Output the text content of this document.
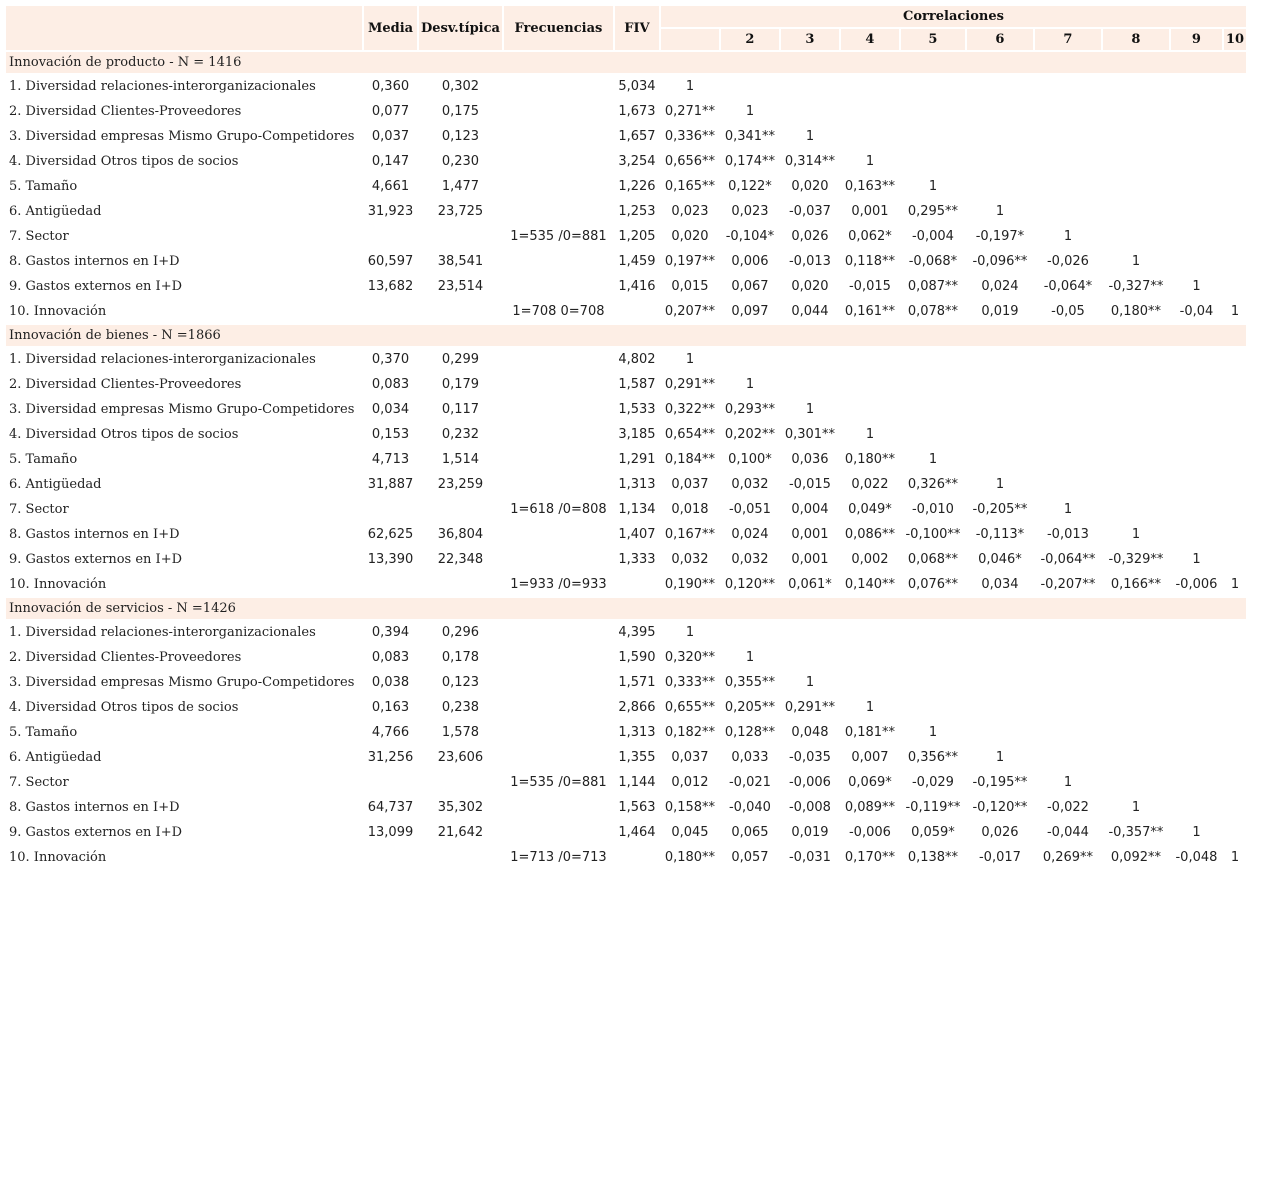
	Media	Desv.típica	Frecuencias	FIV	Correlaciones									
						2	3	4	5	6	7	8	9	10
Innovación de producto - N = 1416														
1. Diversidad relaciones-interorganizacionales	0,360	0,302		5,034	1									
2. Diversidad Clientes-Proveedores	0,077	0,175		1,673	0,271**	1								
3. Diversidad empresas Mismo Grupo-Competidores	0,037	0,123		1,657	0,336**	0,341**	1							
4. Diversidad Otros tipos de socios	0,147	0,230		3,254	0,656**	0,174**	0,314**	1						
5. Tamaño	4,661	1,477		1,226	0,165**	0,122*	0,020	0,163**	1					
6. Antigüedad	31,923	23,725		1,253	0,023	0,023	-0,037	0,001	0,295**	1				
7. Sector			1=535 /0=881	1,205	0,020	-0,104*	0,026	0,062*	-0,004	-0,197*	1			
8. Gastos internos en I+D	60,597	38,541		1,459	0,197**	0,006	-0,013	0,118**	-0,068*	-0,096**	-0,026	1		
9. Gastos externos en I+D	13,682	23,514		1,416	0,015	0,067	0,020	-0,015	0,087**	0,024	-0,064*	-0,327**	1	
10. Innovación			1=708 0=708		0,207**	0,097	0,044	0,161**	0,078**	0,019	-0,05	0,180**	-0,04	1
Innovación de bienes - N =1866														
1. Diversidad relaciones-interorganizacionales	0,370	0,299		4,802	1									
2. Diversidad Clientes-Proveedores	0,083	0,179		1,587	0,291**	1								
3. Diversidad empresas Mismo Grupo-Competidores	0,034	0,117		1,533	0,322**	0,293**	1							
4. Diversidad Otros tipos de socios	0,153	0,232		3,185	0,654**	0,202**	0,301**	1						
5. Tamaño	4,713	1,514		1,291	0,184**	0,100*	0,036	0,180**	1					
6. Antigüedad	31,887	23,259		1,313	0,037	0,032	-0,015	0,022	0,326**	1				
7. Sector			1=618 /0=808	1,134	0,018	-0,051	0,004	0,049*	-0,010	-0,205**	1			
8. Gastos internos en I+D	62,625	36,804		1,407	0,167**	0,024	0,001	0,086**	-0,100**	-0,113*	-0,013	1		
9. Gastos externos en I+D	13,390	22,348		1,333	0,032	0,032	0,001	0,002	0,068**	0,046*	-0,064**	-0,329**	1	
10. Innovación			1=933 /0=933		0,190**	0,120**	0,061*	0,140**	0,076**	0,034	-0,207**	0,166**	-0,006	1
Innovación de servicios - N =1426														
1. Diversidad relaciones-interorganizacionales	0,394	0,296		4,395	1									
2. Diversidad Clientes-Proveedores	0,083	0,178		1,590	0,320**	1								
3. Diversidad empresas Mismo Grupo-Competidores	0,038	0,123		1,571	0,333**	0,355**	1							
4. Diversidad Otros tipos de socios	0,163	0,238		2,866	0,655**	0,205**	0,291**	1						
5. Tamaño	4,766	1,578		1,313	0,182**	0,128**	0,048	0,181**	1					
6. Antigüedad	31,256	23,606		1,355	0,037	0,033	-0,035	0,007	0,356**	1				
7. Sector			1=535 /0=881	1,144	0,012	-0,021	-0,006	0,069*	-0,029	-0,195**	1			
8. Gastos internos en I+D	64,737	35,302		1,563	0,158**	-0,040	-0,008	0,089**	-0,119**	-0,120**	-0,022	1		
9. Gastos externos en I+D	13,099	21,642		1,464	0,045	0,065	0,019	-0,006	0,059*	0,026	-0,044	-0,357**	1	
10. Innovación			1=713 /0=713		0,180**	0,057	-0,031	0,170**	0,138**	-0,017	0,269**	0,092**	-0,048	1
